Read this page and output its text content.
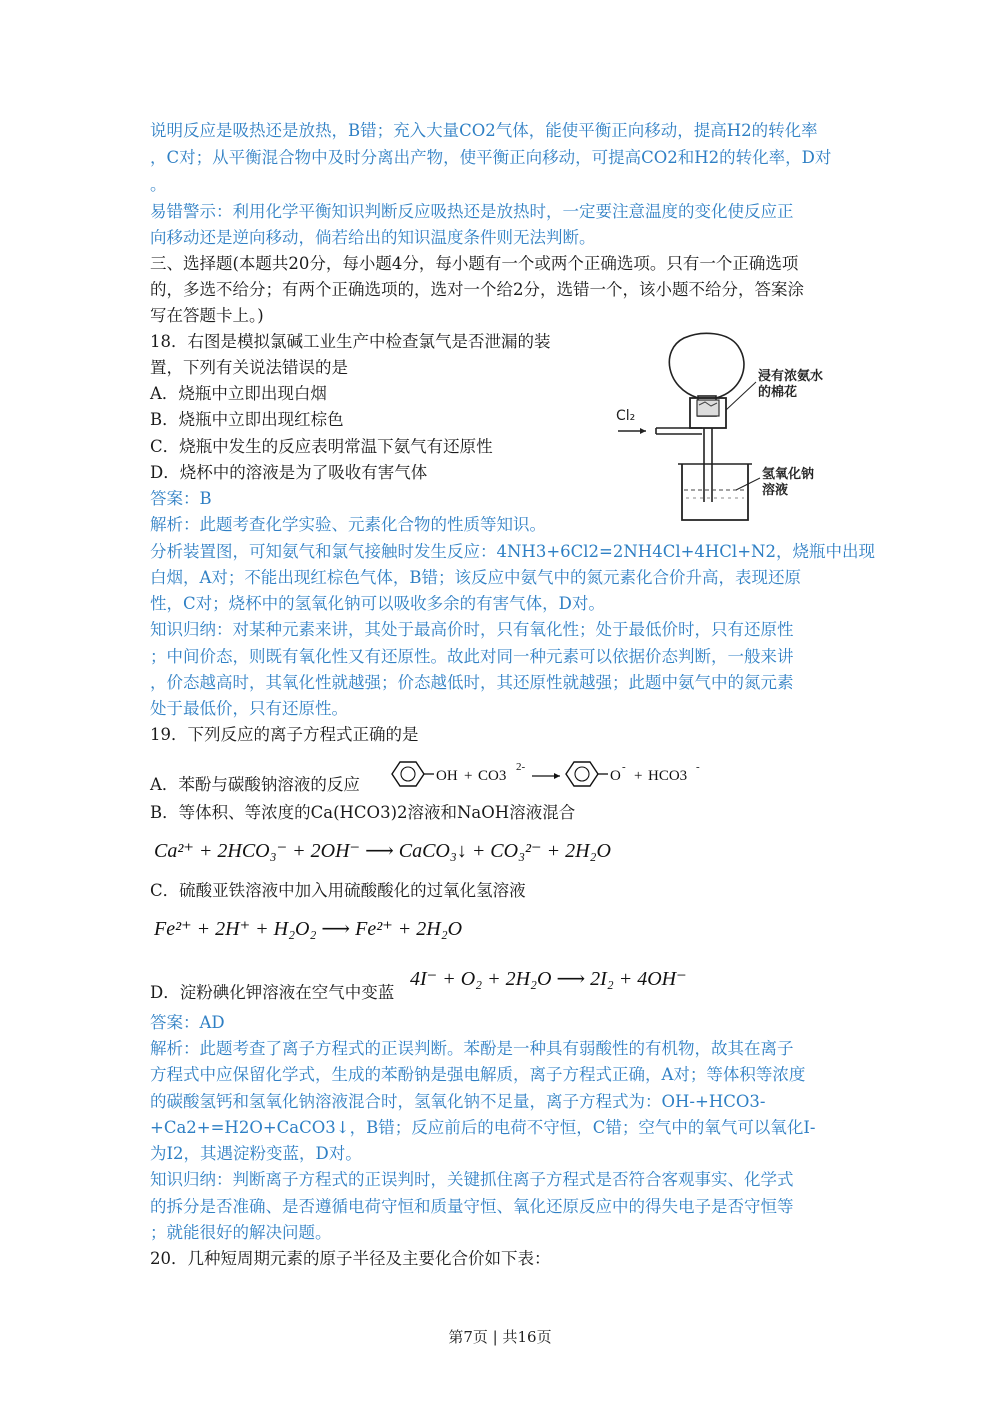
说明反应是吸热还是放热，B错；充入大量CO2气体，能使平衡正向移动，提高H2的转化率
，C对；从平衡混合物中及时分离出产物，使平衡正向移动，可提高CO2和H2的转化率，D对
。
易错警示：利用化学平衡知识判断反应吸热还是放热时，一定要注意温度的变化使反应正
向移动还是逆向移动，倘若给出的知识温度条件则无法判断。
三、选择题(本题共20分，每小题4分，每小题有一个或两个正确选项。只有一个正确选项
的，多选不给分；有两个正确选项的，选对一个给2分，选错一个，该小题不给分，答案涂
写在答题卡上。)
18．右图是模拟氯碱工业生产中检查氯气是否泄漏的装
置，下列有关说法错误的是
A．烧瓶中立即出现白烟
B．烧瓶中立即出现红棕色
C．烧瓶中发生的反应表明常温下氨气有还原性
D．烧杯中的溶液是为了吸收有害气体
答案：B
解析：此题考查化学实验、元素化合物的性质等知识。
分析装置图，可知氨气和氯气接触时发生反应：4NH3+6Cl2=2NH4Cl+4HCl+N2，烧瓶中出现
白烟，A对；不能出现红棕色气体，B错；该反应中氨气中的氮元素化合价升高，表现还原
性，C对；烧杯中的氢氧化钠可以吸收多余的有害气体，D对。
知识归纳：对某种元素来讲，其处于最高价时，只有氧化性；处于最低价时，只有还原性
；中间价态，则既有氧化性又有还原性。故此对同一种元素可以依据价态判断，一般来讲
，价态越高时，其氧化性就越强；价态越低时，其还原性就越强；此题中氨气中的氮元素
处于最低价，只有还原性。
19．下列反应的离子方程式正确的是
浸有浓氨水
的棉花
Cl₂
氢氧化钠
溶液
A．苯酚与碳酸钠溶液的反应	OH + CO3
2-
O
-
+ HCO3
-
B．等体积、等浓度的Ca(HCO3)2溶液和NaOH溶液混合
Ca²⁺ + 2HCO₃⁻ + 2OH⁻ ⟶ CaCO₃↓ + CO₃²⁻ + 2H₂O
C．硫酸亚铁溶液中加入用硫酸酸化的过氧化氢溶液
Fe²⁺ + 2H⁺ + H₂O₂ ⟶ Fe²⁺ + 2H₂O
D．淀粉碘化钾溶液在空气中变蓝
4I⁻ + O₂ + 2H₂O ⟶ 2I₂ + 4OH⁻
答案：AD
解析：此题考查了离子方程式的正误判断。苯酚是一种具有弱酸性的有机物，故其在离子
方程式中应保留化学式，生成的苯酚钠是强电解质，离子方程式正确，A对；等体积等浓度
的碳酸氢钙和氢氧化钠溶液混合时，氢氧化钠不足量，离子方程式为：OH-+HCO3-
+Ca2+=H2O+CaCO3↓，B错；反应前后的电荷不守恒，C错；空气中的氧气可以氧化I-
为I2，其遇淀粉变蓝，D对。
知识归纳：判断离子方程式的正误判时，关键抓住离子方程式是否符合客观事实、化学式
的拆分是否准确、是否遵循电荷守恒和质量守恒、氧化还原反应中的得失电子是否守恒等
；就能很好的解决问题。
20．几种短周期元素的原子半径及主要化合价如下表：
第7页 | 共16页
